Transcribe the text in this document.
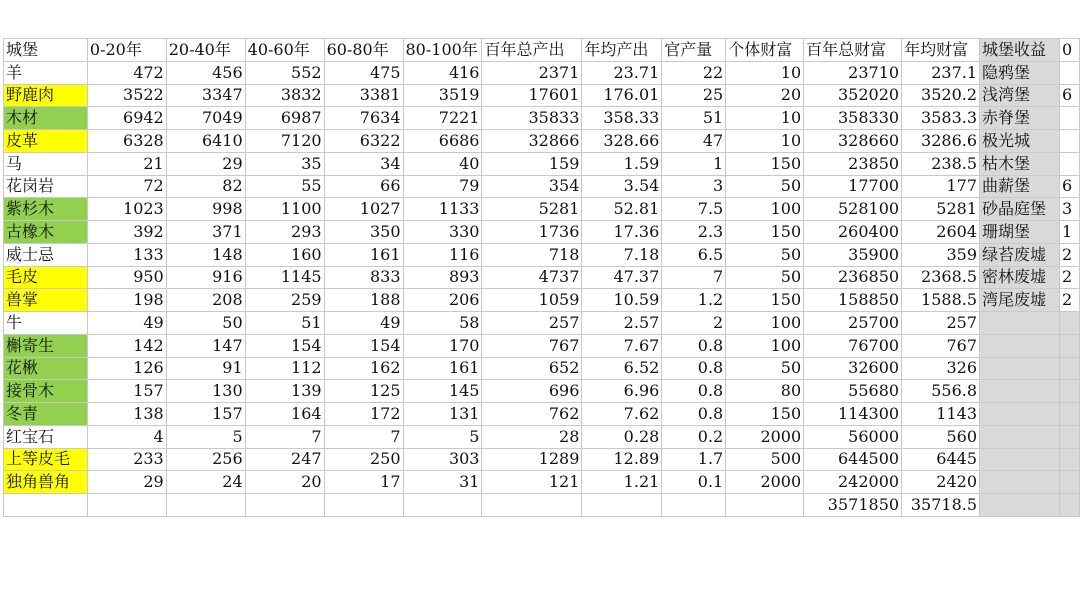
城堡	0-20年	20-40年	40-60年	60-80年	80-100年	百年总产出	年均产出	官产量	个体财富	百年总财富	年均财富	城堡收益	0
羊	472	456	552	475	416	2371	23.71	22	10	23710	237.1	隐鸦堡	
野鹿肉	3522	3347	3832	3381	3519	17601	176.01	25	20	352020	3520.2	浅湾堡	6
木材	6942	7049	6987	7634	7221	35833	358.33	51	10	358330	3583.3	赤脊堡	
皮革	6328	6410	7120	6322	6686	32866	328.66	47	10	328660	3286.6	极光城	
马	21	29	35	34	40	159	1.59	1	150	23850	238.5	枯木堡	
花岗岩	72	82	55	66	79	354	3.54	3	50	17700	177	曲薪堡	6
紫杉木	1023	998	1100	1027	1133	5281	52.81	7.5	100	528100	5281	砂晶庭堡	3
古橡木	392	371	293	350	330	1736	17.36	2.3	150	260400	2604	珊瑚堡	1
威士忌	133	148	160	161	116	718	7.18	6.5	50	35900	359	绿苔废墟	2
毛皮	950	916	1145	833	893	4737	47.37	7	50	236850	2368.5	密林废墟	2
兽掌	198	208	259	188	206	1059	10.59	1.2	150	158850	1588.5	湾尾废墟	2
牛	49	50	51	49	58	257	2.57	2	100	25700	257		
槲寄生	142	147	154	154	170	767	7.67	0.8	100	76700	767		
花楸	126	91	112	162	161	652	6.52	0.8	50	32600	326		
接骨木	157	130	139	125	145	696	6.96	0.8	80	55680	556.8		
冬青	138	157	164	172	131	762	7.62	0.8	150	114300	1143		
红宝石	4	5	7	7	5	28	0.28	0.2	2000	56000	560		
上等皮毛	233	256	247	250	303	1289	12.89	1.7	500	644500	6445		
独角兽角	29	24	20	17	31	121	1.21	0.1	2000	242000	2420		
										3571850	35718.5		
